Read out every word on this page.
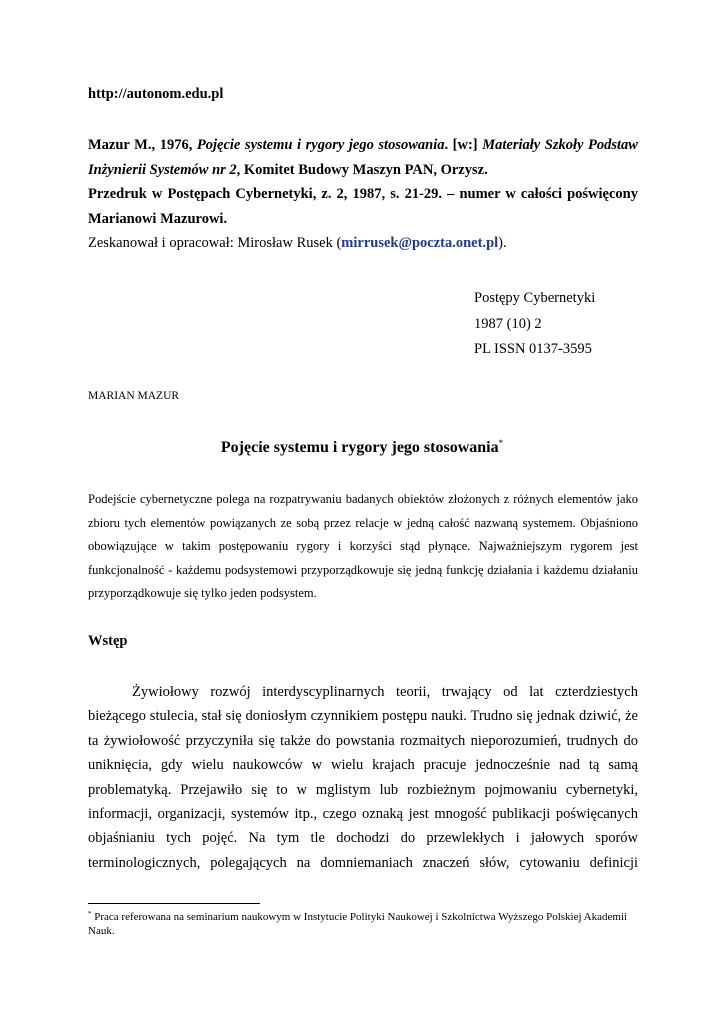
http://autonom.edu.pl
Mazur M., 1976, Pojęcie systemu i rygory jego stosowania. [w:] Materiały Szkoły Podstaw Inżynierii Systemów nr 2, Komitet Budowy Maszyn PAN, Orzysz.
Przedruk w Postępach Cybernetyki, z. 2, 1987, s. 21-29. – numer w całości poświęcony Marianowi Mazurowi.
Zeskanował i opracował: Mirosław Rusek (mirrusek@poczta.onet.pl).
Postępy Cybernetyki
1987 (10) 2
PL ISSN 0137-3595
MARIAN MAZUR
Pojęcie systemu i rygory jego stosowania*
Podejście cybernetyczne polega na rozpatrywaniu badanych obiektów złożonych z różnych elementów jako zbioru tych elementów powiązanych ze sobą przez relacje w jedną całość nazwaną systemem. Objaśniono obowiązujące w takim postępowaniu rygory i korzyści stąd płynące. Najważniejszym rygorem jest funkcjonalność - każdemu podsystemowi przyporządkowuje się jedną funkcję działania i każdemu działaniu przyporządkowuje się tylko jeden podsystem.
Wstęp

Żywiołowy rozwój interdyscyplinarnych teorii, trwający od lat czterdziestych bieżącego stulecia, stał się doniosłym czynnikiem postępu nauki. Trudno się jednak dziwić, że ta żywiołowość przyczyniła się także do powstania rozmaitych nieporozumień, trudnych do uniknięcia, gdy wielu naukowców w wielu krajach pracuje jednocześnie nad tą samą problematyką. Przejawiło się to w mglistym lub rozbieżnym pojmowaniu cybernetyki, informacji, organizacji, systemów itp., czego oznaką jest mnogość publikacji poświęcanych objaśnianiu tych pojęć. Na tym tle dochodzi do przewlekłych i jałowych sporów terminologicznych, polegających na domniemaniach znaczeń słów, cytowaniu definicji

* Praca referowana na seminarium naukowym w Instytucie Polityki Naukowej i Szkolnictwa Wyższego Polskiej Akademii Nauk.
